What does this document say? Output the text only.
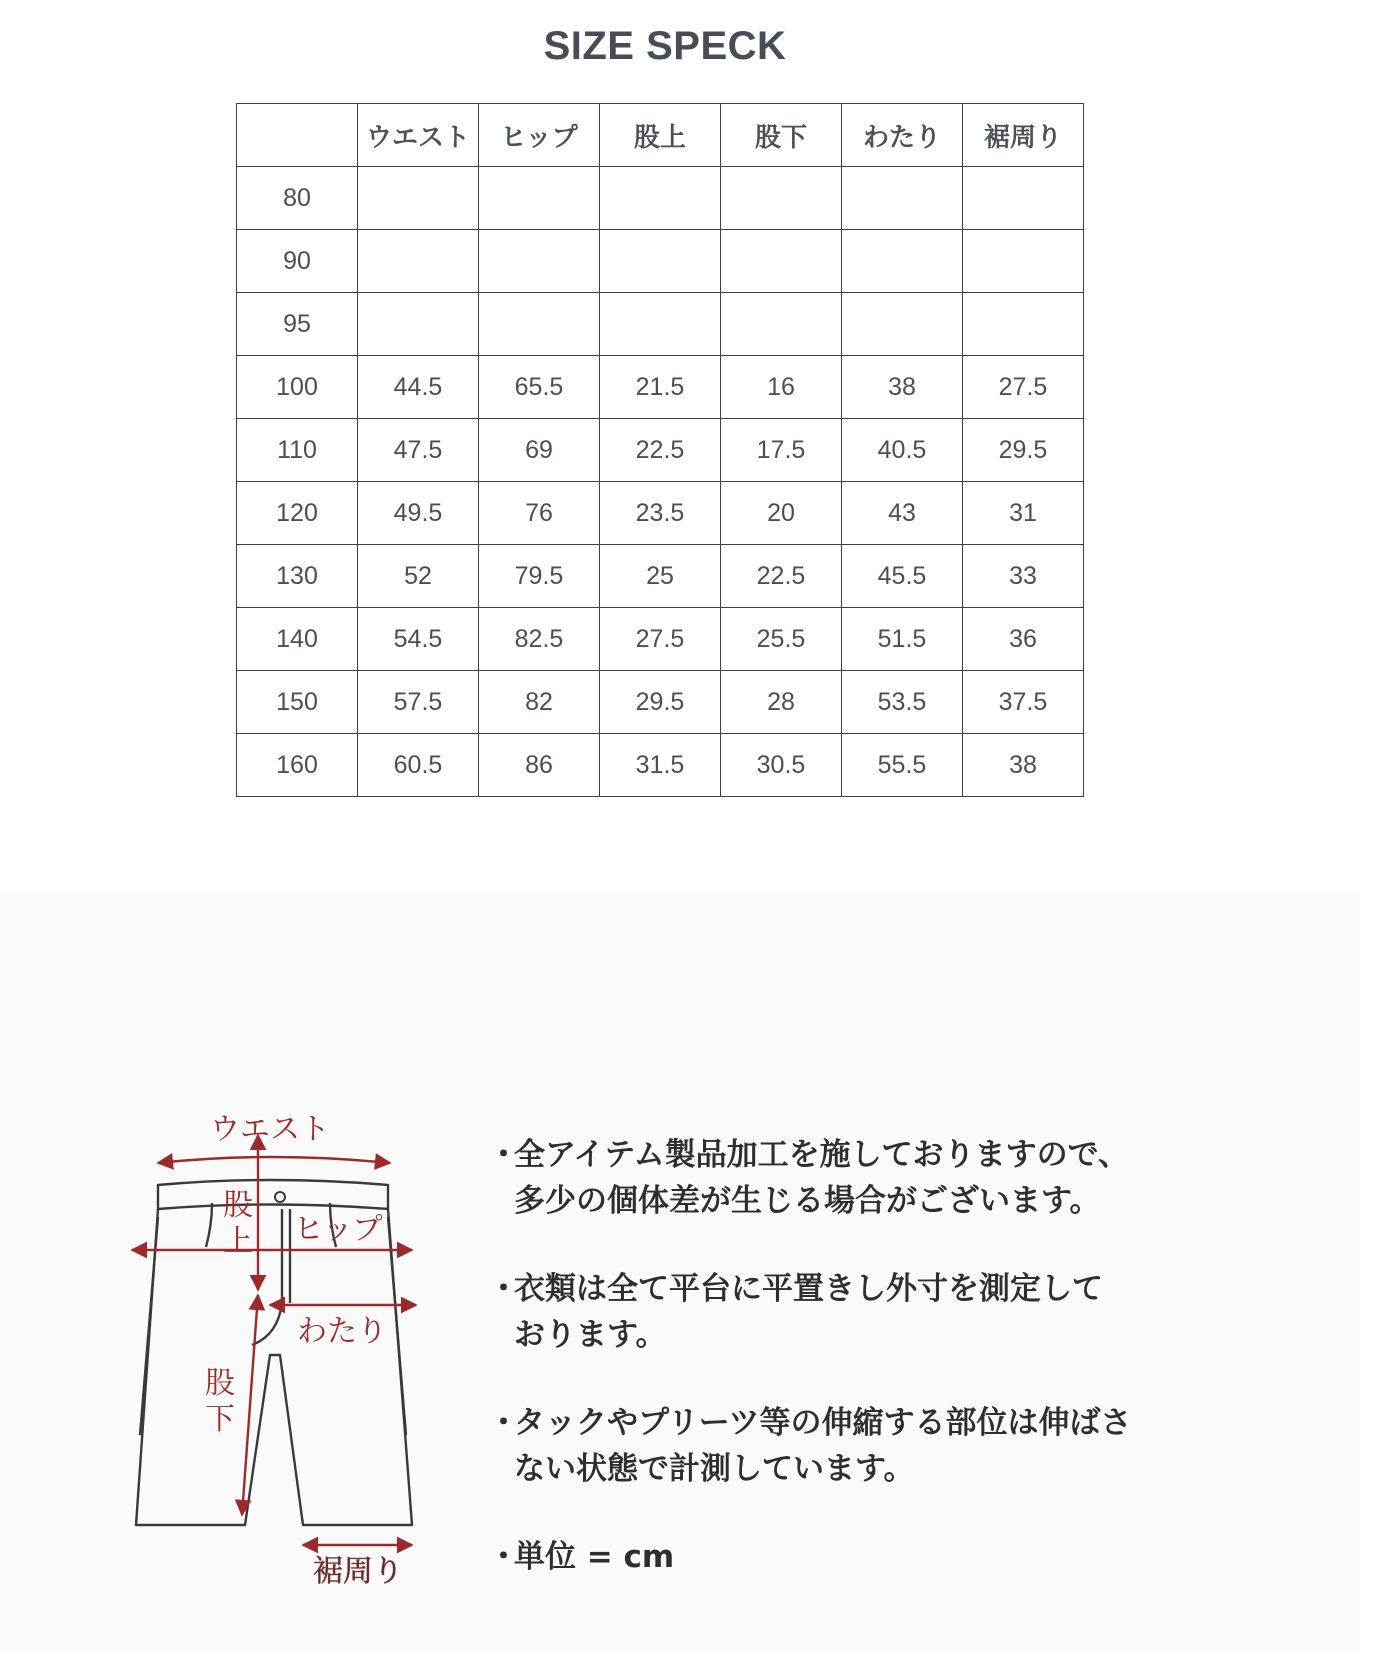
SIZE SPECK
	ウエスト	ヒップ	股上	股下	わたり	裾周り
80						
90						
95						
100	44.5	65.5	21.5	16	38	27.5
110	47.5	69	22.5	17.5	40.5	29.5
120	49.5	76	23.5	20	43	31
130	52	79.5	25	22.5	45.5	33
140	54.5	82.5	27.5	25.5	51.5	36
150	57.5	82	29.5	28	53.5	37.5
160	60.5	86	31.5	30.5	55.5	38
ウエスト
股
上 ヒップ
わたり
股
下
裾周り
・
全アイテム製品加工を施しておりますので、
多少の個体差が生じる場合がございます。
・
衣類は全て平台に平置きし外寸を測定して
おります。
・
タックやプリーツ等の伸縮する部位は伸ばさ
ない状態で計測しています。
・
単位 = cm
